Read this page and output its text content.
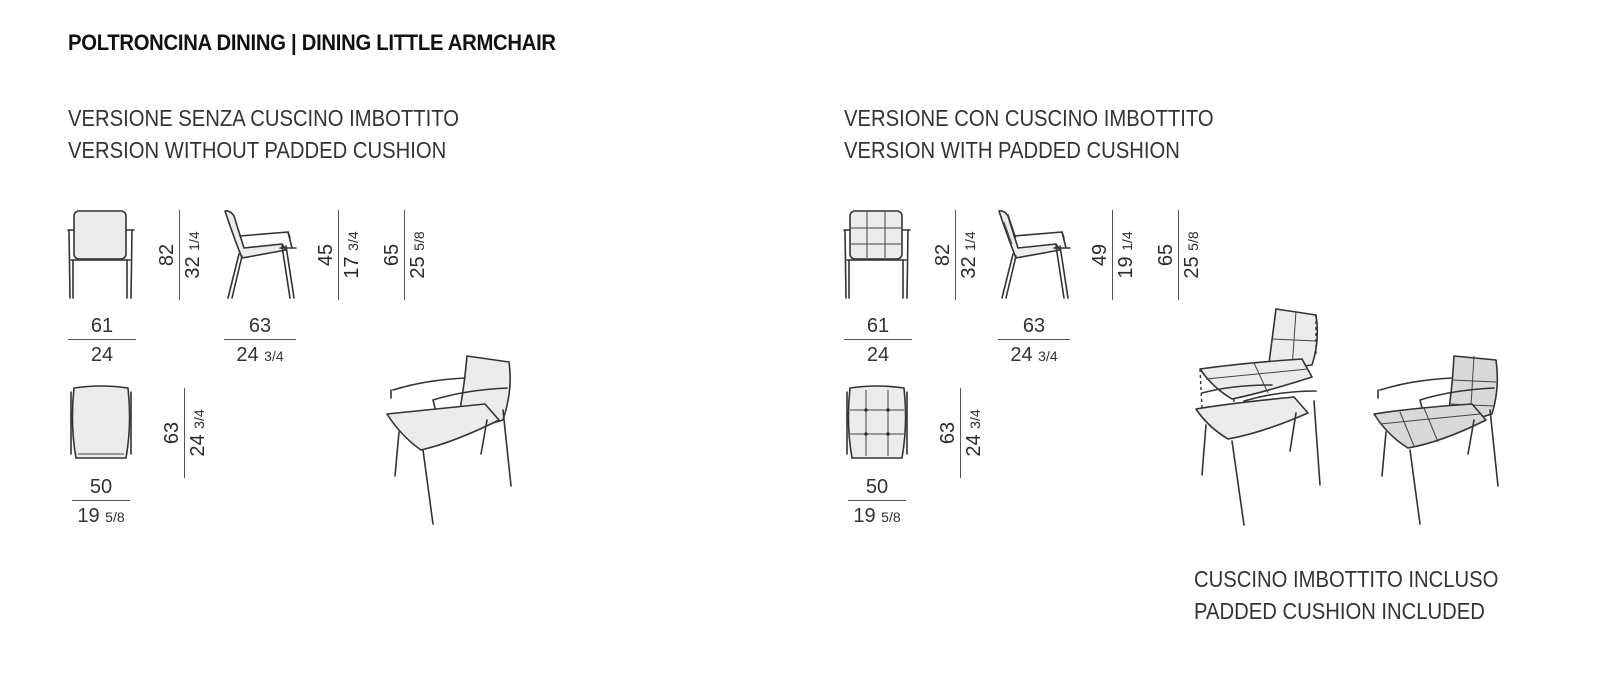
POLTRONCINA DINING | DINING LITTLE ARMCHAIR
VERSIONE SENZA CUSCINO IMBOTTITO
VERSION WITHOUT PADDED CUSHION
61
24
82
32 1/4
63
24 3/4
45
17 3/4
65
25 5/8
50
19 5/8
63
24 3/4
VERSIONE CON CUSCINO IMBOTTITO
VERSION WITH PADDED CUSHION
61
24
82
32 1/4
63
24 3/4
49
19 1/4
65
25 5/8
50
19 5/8
63
24 3/4
CUSCINO IMBOTTITO INCLUSO
PADDED CUSHION INCLUDED
